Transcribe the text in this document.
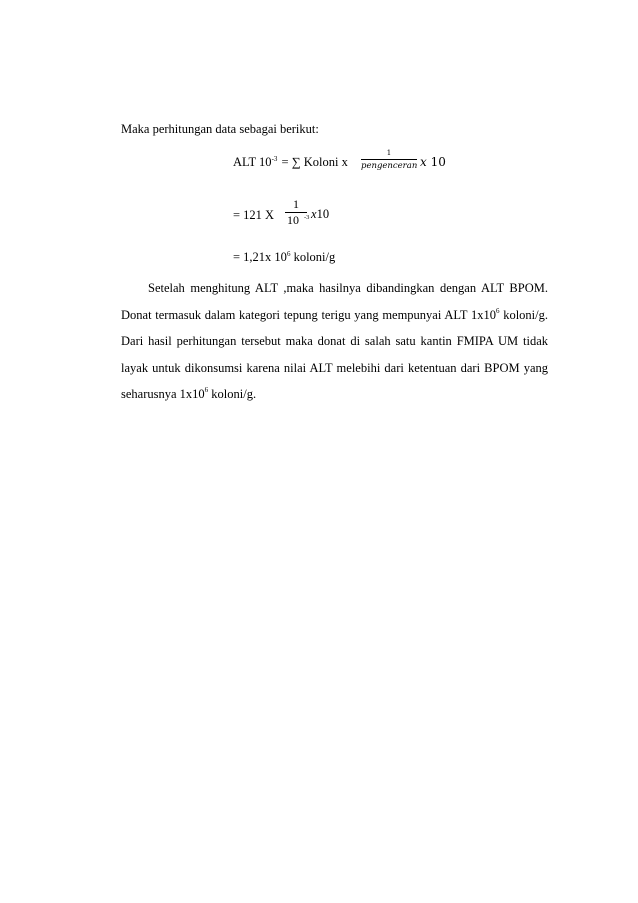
Maka perhitungan data sebagai berikut:
ALT $10^{-3}$ = ∑ Koloni x
1
pengenceran x 10
= 121 X
1
10 -3 x10
= 1,21x $10^6$ koloni/g
Setelah menghitung ALT ,maka hasilnya dibandingkan dengan ALT BPOM. Donat termasuk dalam kategori tepung terigu yang mempunyai ALT $1x10^6$ koloni/g. Dari hasil perhitungan tersebut maka donat di salah satu kantin FMIPA UM tidak layak untuk dikonsumsi karena nilai ALT melebihi dari ketentuan dari BPOM yang seharusnya $1x10^6$ koloni/g.
